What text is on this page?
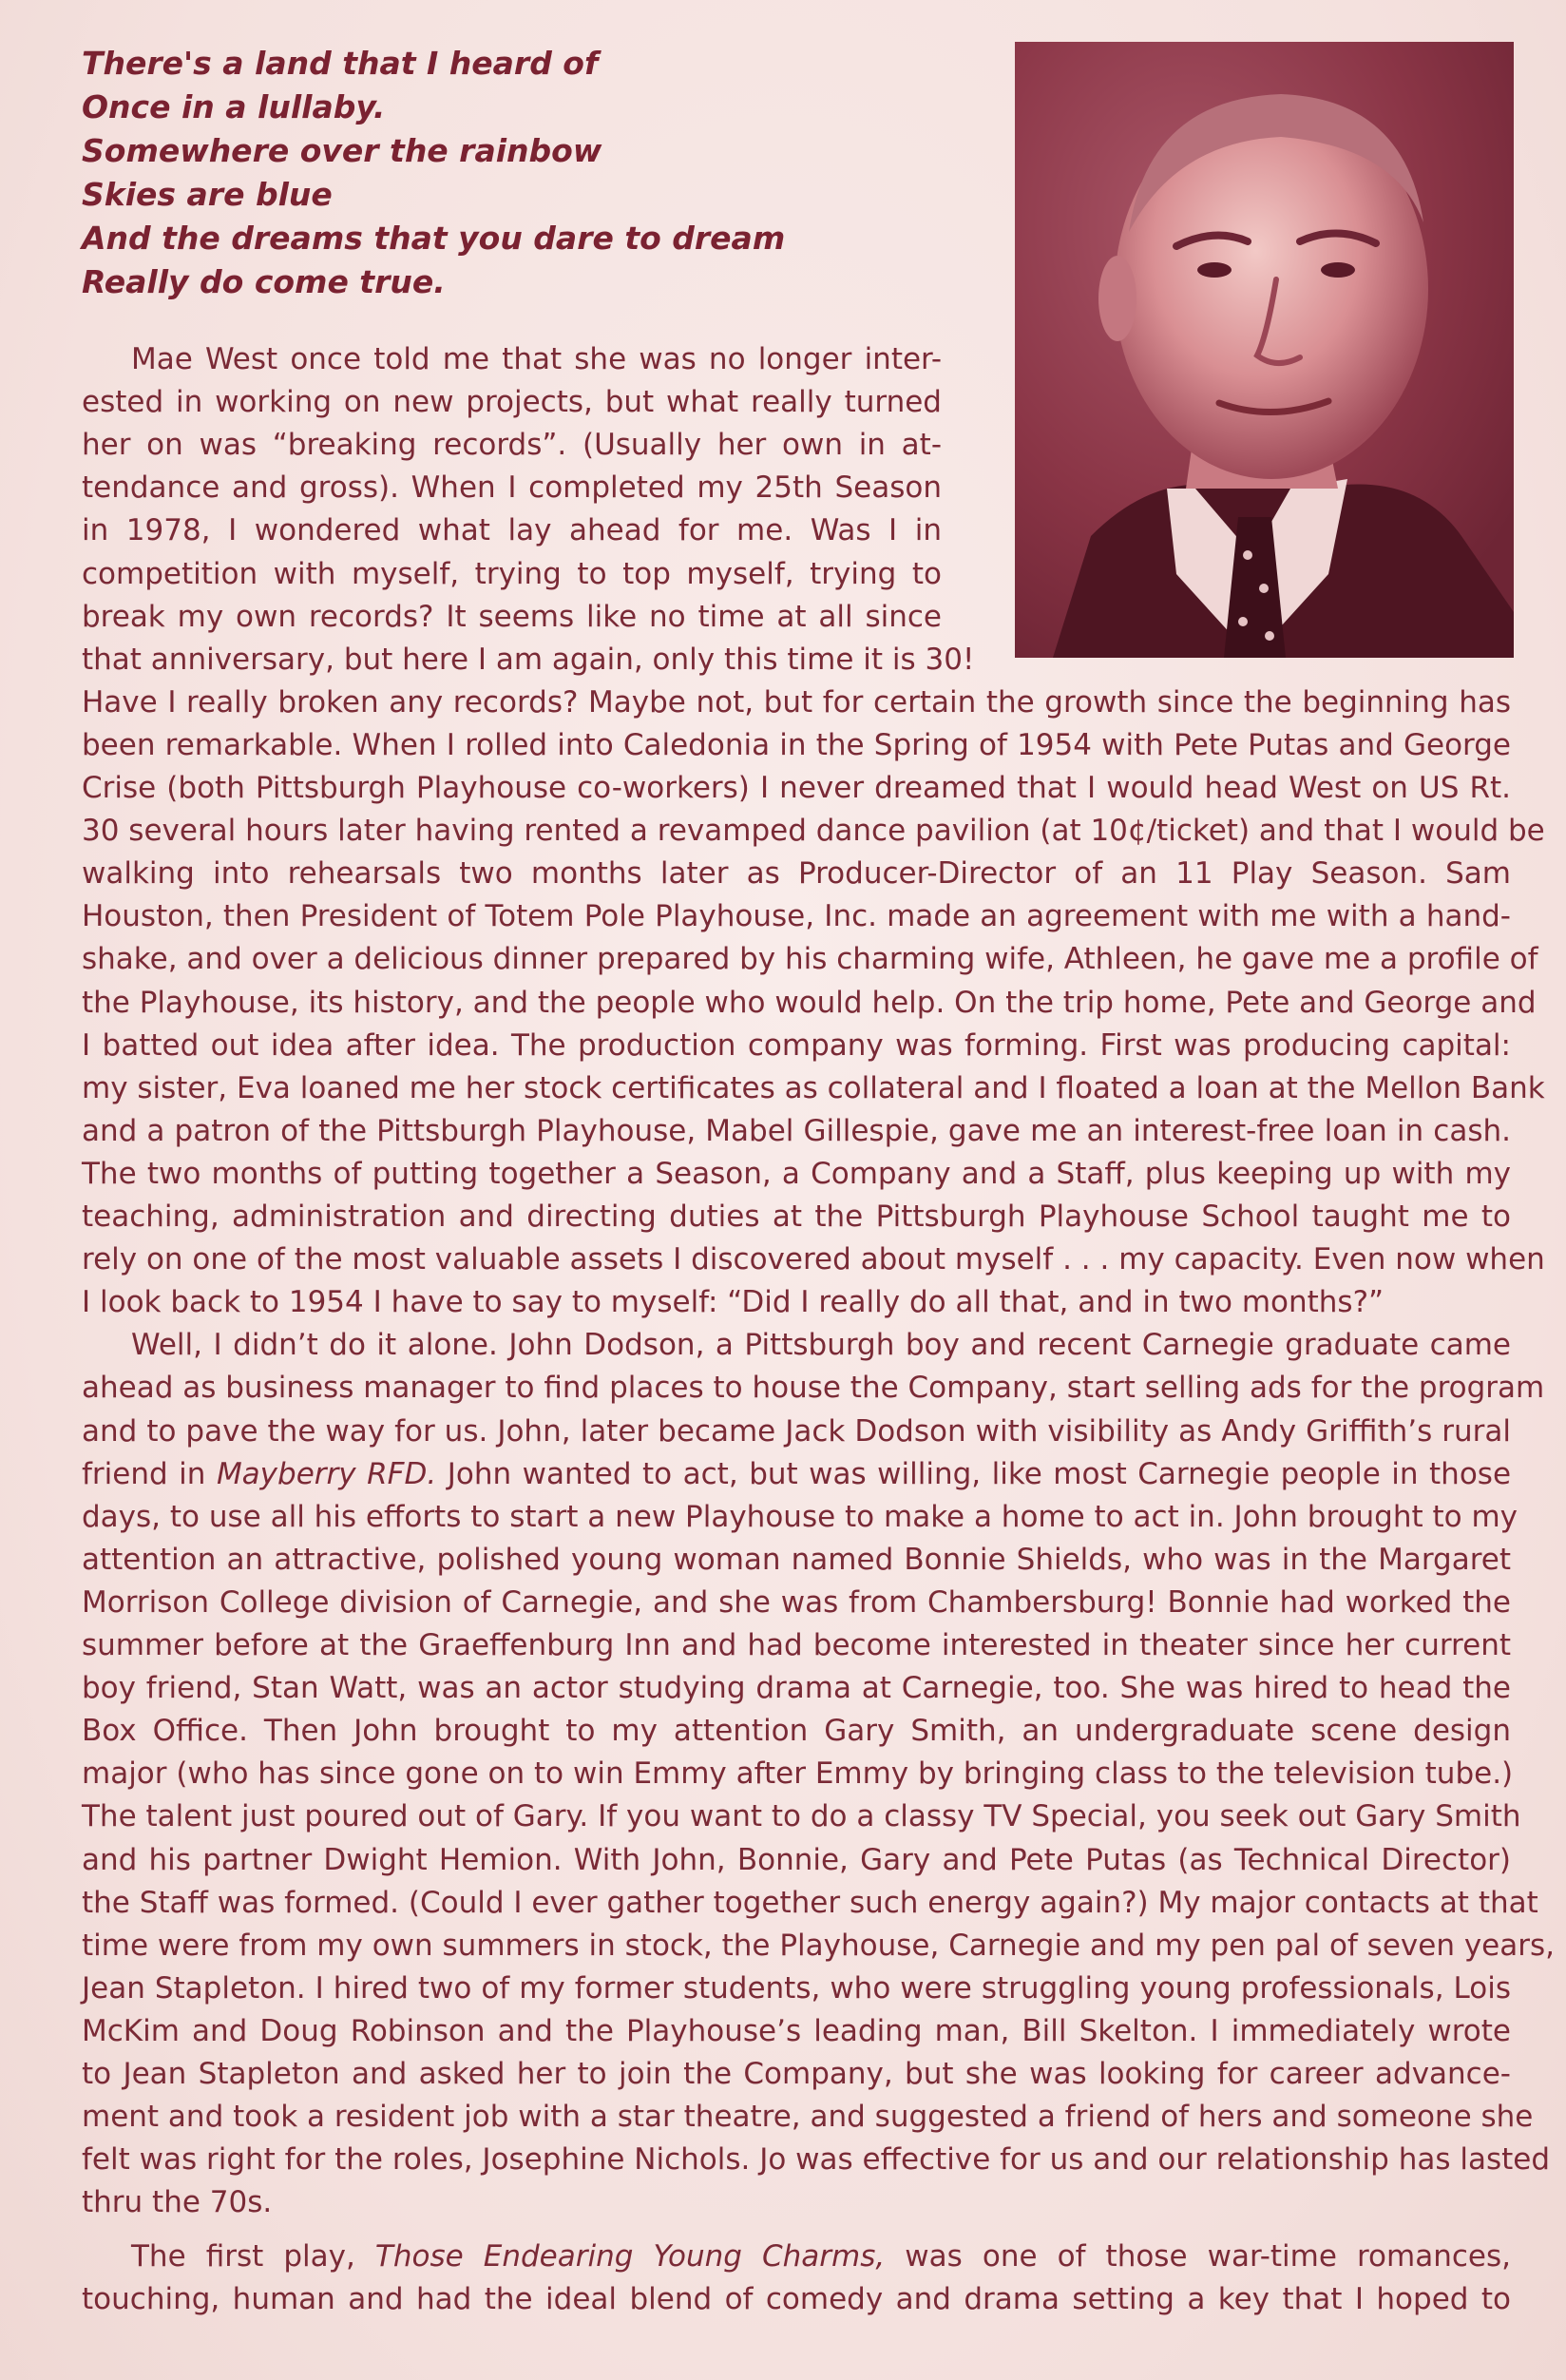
There's a land that I heard of
Once in a lullaby.
Somewhere over the rainbow
Skies are blue
And the dreams that you dare to dream
Really do come true.
Mae West once told me that she was no longer inter-
ested in working on new projects, but what really turned
her on was “breaking records”. (Usually her own in at-
tendance and gross). When I completed my 25th Season
in 1978, I wondered what lay ahead for me. Was I in
competition with myself, trying to top myself, trying to
break my own records? It seems like no time at all since
that anniversary, but here I am again, only this time it is 30!
Have I really broken any records? Maybe not, but for certain the growth since the beginning has
been remarkable. When I rolled into Caledonia in the Spring of 1954 with Pete Putas and George
Crise (both Pittsburgh Playhouse co-workers) I never dreamed that I would head West on US Rt.
30 several hours later having rented a revamped dance pavilion (at 10¢/ticket) and that I would be
walking into rehearsals two months later as Producer-Director of an 11 Play Season. Sam
Houston, then President of Totem Pole Playhouse, Inc. made an agreement with me with a hand-
shake, and over a delicious dinner prepared by his charming wife, Athleen, he gave me a profile of
the Playhouse, its history, and the people who would help. On the trip home, Pete and George and
I batted out idea after idea. The production company was forming. First was producing capital:
my sister, Eva loaned me her stock certificates as collateral and I floated a loan at the Mellon Bank
and a patron of the Pittsburgh Playhouse, Mabel Gillespie, gave me an interest-free loan in cash.
The two months of putting together a Season, a Company and a Staff, plus keeping up with my
teaching, administration and directing duties at the Pittsburgh Playhouse School taught me to
rely on one of the most valuable assets I discovered about myself . . . my capacity. Even now when
I look back to 1954 I have to say to myself: “Did I really do all that, and in two months?”
Well, I didn’t do it alone. John Dodson, a Pittsburgh boy and recent Carnegie graduate came
ahead as business manager to find places to house the Company, start selling ads for the program
and to pave the way for us. John, later became Jack Dodson with visibility as Andy Griffith’s rural
friend in Mayberry RFD. John wanted to act, but was willing, like most Carnegie people in those
days, to use all his efforts to start a new Playhouse to make a home to act in. John brought to my
attention an attractive, polished young woman named Bonnie Shields, who was in the Margaret
Morrison College division of Carnegie, and she was from Chambersburg! Bonnie had worked the
summer before at the Graeffenburg Inn and had become interested in theater since her current
boy friend, Stan Watt, was an actor studying drama at Carnegie, too. She was hired to head the
Box Office. Then John brought to my attention Gary Smith, an undergraduate scene design
major (who has since gone on to win Emmy after Emmy by bringing class to the television tube.)
The talent just poured out of Gary. If you want to do a classy TV Special, you seek out Gary Smith
and his partner Dwight Hemion. With John, Bonnie, Gary and Pete Putas (as Technical Director)
the Staff was formed. (Could I ever gather together such energy again?) My major contacts at that
time were from my own summers in stock, the Playhouse, Carnegie and my pen pal of seven years,
Jean Stapleton. I hired two of my former students, who were struggling young professionals, Lois
McKim and Doug Robinson and the Playhouse’s leading man, Bill Skelton. I immediately wrote
to Jean Stapleton and asked her to join the Company, but she was looking for career advance-
ment and took a resident job with a star theatre, and suggested a friend of hers and someone she
felt was right for the roles, Josephine Nichols. Jo was effective for us and our relationship has lasted
thru the 70s.
The first play, Those Endearing Young Charms, was one of those war-time romances,
touching, human and had the ideal blend of comedy and drama setting a key that I hoped to
